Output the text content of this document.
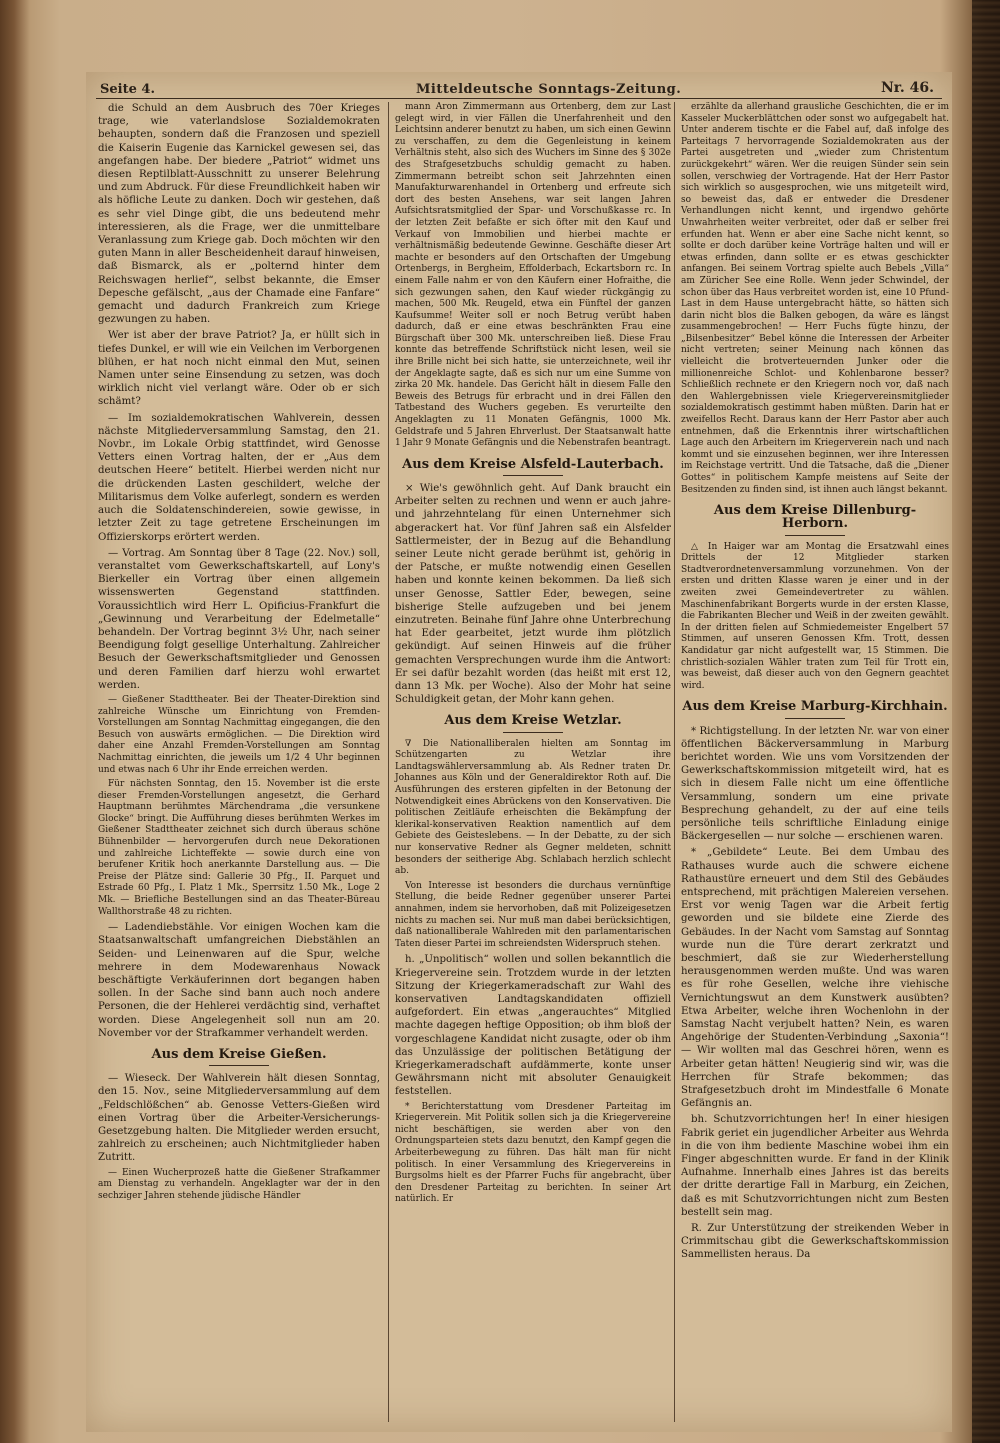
Seite 4.	Mitteldeutsche Sonntags-Zeitung.	Nr. 46.

die Schuld an dem Ausbruch des 70er Krieges trage, wie vaterlandslose Sozialdemokraten behaupten, sondern daß die Franzosen und speziell die Kaiserin Eugenie das Karnickel gewesen sei, das angefangen habe. Der biedere „Patriot“ widmet uns diesen Reptilblatt-Ausschnitt zu unserer Belehrung und zum Abdruck. Für diese Freundlichkeit haben wir als höfliche Leute zu danken. Doch wir gestehen, daß es sehr viel Dinge gibt, die uns bedeutend mehr interessieren, als die Frage, wer die unmittelbare Veranlassung zum Kriege gab. Doch möchten wir den guten Mann in aller Bescheidenheit darauf hinweisen, daß Bismarck, als er „polternd hinter dem Reichswagen herlief“, selbst bekannte, die Emser Depesche gefälscht, „aus der Chamade eine Fanfare“ gemacht und dadurch Frankreich zum Kriege gezwungen zu haben.

Wer ist aber der brave Patriot? Ja, er hüllt sich in tiefes Dunkel, er will wie ein Veilchen im Verborgenen blühen, er hat noch nicht einmal den Mut, seinen Namen unter seine Einsendung zu setzen, was doch wirklich nicht viel verlangt wäre. Oder ob er sich schämt?

— Im sozialdemokratischen Wahlverein, dessen nächste Mitgliederversammlung Samstag, den 21. Novbr., im Lokale Orbig stattfindet, wird Genosse Vetters einen Vortrag halten, der er „Aus dem deutschen Heere“ betitelt. Hierbei werden nicht nur die drückenden Lasten geschildert, welche der Militarismus dem Volke auferlegt, sondern es werden auch die Soldatenschindereien, sowie gewisse, in letzter Zeit zu tage getretene Erscheinungen im Offizierskorps erörtert werden.

— Vortrag. Am Sonntag über 8 Tage (22. Nov.) soll, veranstaltet vom Gewerkschaftskartell, auf Lony's Bierkeller ein Vortrag über einen allgemein wissenswerten Gegenstand stattfinden. Voraussichtlich wird Herr L. Opificius-Frankfurt die „Gewinnung und Verarbeitung der Edelmetalle“ behandeln. Der Vortrag beginnt 3½ Uhr, nach seiner Beendigung folgt gesellige Unterhaltung. Zahlreicher Besuch der Gewerkschaftsmitglieder und Genossen und deren Familien darf hierzu wohl erwartet werden.

— Gießener Stadttheater. Bei der Theater-Direktion sind zahlreiche Wünsche um Einrichtung von Fremden-Vorstellungen am Sonntag Nachmittag eingegangen, die den Besuch von auswärts ermöglichen. — Die Direktion wird daher eine Anzahl Fremden-Vorstellungen am Sonntag Nachmittag einrichten, die jeweils um 1/2 4 Uhr beginnen und etwas nach 6 Uhr ihr Ende erreichen werden.

Für nächsten Sonntag, den 15. November ist die erste dieser Fremden-Vorstellungen angesetzt, die Gerhard Hauptmann berühmtes Märchendrama „die versunkene Glocke“ bringt. Die Aufführung dieses berühmten Werkes im Gießener Stadttheater zeichnet sich durch überaus schöne Bühnenbilder — hervorgerufen durch neue Dekorationen und zahlreiche Lichteffekte — sowie durch eine von berufener Kritik hoch anerkannte Darstellung aus. — Die Preise der Plätze sind: Gallerie 30 Pfg., II. Parquet und Estrade 60 Pfg., I. Platz 1 Mk., Sperrsitz 1.50 Mk., Loge 2 Mk. — Briefliche Bestellungen sind an das Theater-Büreau Wallthorstraße 48 zu richten.

— Ladendiebstähle. Vor einigen Wochen kam die Staatsanwaltschaft umfangreichen Diebstählen an Seiden- und Leinenwaren auf die Spur, welche mehrere in dem Modewarenhaus Nowack beschäftigte Verkäuferinnen dort begangen haben sollen. In der Sache sind bann auch noch andere Personen, die der Hehlerei verdächtig sind, verhaftet worden. Diese Angelegenheit soll nun am 20. November vor der Strafkammer verhandelt werden.

Aus dem Kreise Gießen.

— Wieseck. Der Wahlverein hält diesen Sonntag, den 15. Nov., seine Mitgliederversammlung auf dem „Feldschlößchen“ ab. Genosse Vetters-Gießen wird einen Vortrag über die Arbeiter-Versicherungs-Gesetzgebung halten. Die Mitglieder werden ersucht, zahlreich zu erscheinen; auch Nichtmitglieder haben Zutritt.

— Einen Wucherprozeß hatte die Gießener Strafkammer am Dienstag zu verhandeln. Angeklagter war der in den sechziger Jahren stehende jüdische Händler

mann Aron Zimmermann aus Ortenberg, dem zur Last gelegt wird, in vier Fällen die Unerfahrenheit und den Leichtsinn anderer benutzt zu haben, um sich einen Gewinn zu verschaffen, zu dem die Gegenleistung in keinem Verhältnis steht, also sich des Wuchers im Sinne des § 302e des Strafgesetzbuchs schuldig gemacht zu haben. Zimmermann betreibt schon seit Jahrzehnten einen Manufakturwarenhandel in Ortenberg und erfreute sich dort des besten Ansehens, war seit langen Jahren Aufsichtsratsmitglied der Spar- und Vorschußkasse rc. In der letzten Zeit befaßte er sich öfter mit den Kauf und Verkauf von Immobilien und hierbei machte er verhältnismäßig bedeutende Gewinne. Geschäfte dieser Art machte er besonders auf den Ortschaften der Umgebung Ortenbergs, in Bergheim, Effolderbach, Eckartsborn rc. In einem Falle nahm er von den Käufern einer Hofraithe, die sich gezwungen sahen, den Kauf wieder rückgängig zu machen, 500 Mk. Reugeld, etwa ein Fünftel der ganzen Kaufsumme! Weiter soll er noch Betrug verübt haben dadurch, daß er eine etwas beschränkten Frau eine Bürgschaft über 300 Mk. unterschreiben ließ. Diese Frau konnte das betreffende Schriftstück nicht lesen, weil sie ihre Brille nicht bei sich hatte, sie unterzeichnete, weil ihr der Angeklagte sagte, daß es sich nur um eine Summe von zirka 20 Mk. handele. Das Gericht hält in diesem Falle den Beweis des Betrugs für erbracht und in drei Fällen den Tatbestand des Wuchers gegeben. Es verurteilte den Angeklagten zu 11 Monaten Gefängnis, 1000 Mk. Geldstrafe und 5 Jahren Ehrverlust. Der Staatsanwalt hatte 1 Jahr 9 Monate Gefängnis und die Nebenstrafen beantragt.

Aus dem Kreise Alsfeld-Lauterbach.

× Wie's gewöhnlich geht. Auf Dank braucht ein Arbeiter selten zu rechnen und wenn er auch jahre- und jahrzehntelang für einen Unternehmer sich abgerackert hat. Vor fünf Jahren saß ein Alsfelder Sattlermeister, der in Bezug auf die Behandlung seiner Leute nicht gerade berühmt ist, gehörig in der Patsche, er mußte notwendig einen Gesellen haben und konnte keinen bekommen. Da ließ sich unser Genosse, Sattler Eder, bewegen, seine bisherige Stelle aufzugeben und bei jenem einzutreten. Beinahe fünf Jahre ohne Unterbrechung hat Eder gearbeitet, jetzt wurde ihm plötzlich gekündigt. Auf seinen Hinweis auf die früher gemachten Versprechungen wurde ihm die Antwort: Er sei dafür bezahlt worden (das heißt mit erst 12, dann 13 Mk. per Woche). Also der Mohr hat seine Schuldigkeit getan, der Mohr kann gehen.

Aus dem Kreise Wetzlar.

∇ Die Nationalliberalen hielten am Sonntag im Schützengarten zu Wetzlar ihre Landtagswählerversammlung ab. Als Redner traten Dr. Johannes aus Köln und der Generaldirektor Roth auf. Die Ausführungen des ersteren gipfelten in der Betonung der Notwendigkeit eines Abrückens von den Konservativen. Die politischen Zeitläufe erheischten die Bekämpfung der klerikal-konservativen Reaktion namentlich auf dem Gebiete des Geisteslebens. — In der Debatte, zu der sich nur konservative Redner als Gegner meldeten, schnitt besonders der seitherige Abg. Schlabach herzlich schlecht ab.

Von Interesse ist besonders die durchaus vernünftige Stellung, die beide Redner gegenüber unserer Partei annahmen, indem sie hervorhoben, daß mit Polizeigesetzen nichts zu machen sei. Nur muß man dabei berücksichtigen, daß nationalliberale Wahlreden mit den parlamentarischen Taten dieser Partei im schreiendsten Widerspruch stehen.

h. „Unpolitisch“ wollen und sollen bekanntlich die Kriegervereine sein. Trotzdem wurde in der letzten Sitzung der Kriegerkameradschaft zur Wahl des konservativen Landtagskandidaten offiziell aufgefordert. Ein etwas „angerauchtes“ Mitglied machte dagegen heftige Opposition; ob ihm bloß der vorgeschlagene Kandidat nicht zusagte, oder ob ihm das Unzulässige der politischen Betätigung der Kriegerkameradschaft aufdämmerte, konte unser Gewährsmann nicht mit absoluter Genauigkeit feststellen.

* Berichterstattung vom Dresdener Parteitag im Kriegerverein. Mit Politik sollen sich ja die Kriegervereine nicht beschäftigen, sie werden aber von den Ordnungsparteien stets dazu benutzt, den Kampf gegen die Arbeiterbewegung zu führen. Das hält man für nicht politisch. In einer Versammlung des Kriegervereins in Burgsolms hielt es der Pfarrer Fuchs für angebracht, über den Dresdener Parteitag zu berichten. In seiner Art natürlich. Er

erzählte da allerhand grausliche Geschichten, die er im Kasseler Muckerblättchen oder sonst wo aufgegabelt hat. Unter anderem tischte er die Fabel auf, daß infolge des Parteitags 7 hervorragende Sozialdemokraten aus der Partei ausgetreten und „wieder zum Christentum zurückgekehrt“ wären. Wer die reuigen Sünder sein sein sollen, verschwieg der Vortragende. Hat der Herr Pastor sich wirklich so ausgesprochen, wie uns mitgeteilt wird, so beweist das, daß er entweder die Dresdener Verhandlungen nicht kennt, und irgendwo gehörte Unwahrheiten weiter verbreitet, oder daß er selber frei erfunden hat. Wenn er aber eine Sache nicht kennt, so sollte er doch darüber keine Vorträge halten und will er etwas erfinden, dann sollte er es etwas geschickter anfangen. Bei seinem Vortrag spielte auch Bebels „Villa“ am Züricher See eine Rolle. Wenn jeder Schwindel, der schon über das Haus verbreitet worden ist, eine 10 Pfund-Last in dem Hause untergebracht hätte, so hätten sich darin nicht blos die Balken gebogen, da wäre es längst zusammengebrochen! — Herr Fuchs fügte hinzu, der „Bilsenbesitzer“ Bebel könne die Interessen der Arbeiter nicht vertreten; seiner Meinung nach können das vielleicht die brotverteuernden Junker oder die millionenreiche Schlot- und Kohlenbarone besser? Schließlich rechnete er den Kriegern noch vor, daß nach den Wahlergebnissen viele Kriegervereinsmitglieder sozialdemokratisch gestimmt haben müßten. Darin hat er zweifellos Recht. Daraus kann der Herr Pastor aber auch entnehmen, daß die Erkenntnis ihrer wirtschaftlichen Lage auch den Arbeitern im Kriegerverein nach und nach kommt und sie einzusehen beginnen, wer ihre Interessen im Reichstage vertritt. Und die Tatsache, daß die „Diener Gottes“ in politischem Kampfe meistens auf Seite der Besitzenden zu finden sind, ist ihnen auch längst bekannt.

Aus dem Kreise Dillenburg-Herborn.

△ In Haiger war am Montag die Ersatzwahl eines Drittels der 12 Mitglieder starken Stadtverordnetenversammlung vorzunehmen. Von der ersten und dritten Klasse waren je einer und in der zweiten zwei Gemeindevertreter zu wählen. Maschinenfabrikant Borgerts wurde in der ersten Klasse, die Fabrikanten Blecher und Weiß in der zweiten gewählt. In der dritten fielen auf Schmiedemeister Engelbert 57 Stimmen, auf unseren Genossen Kfm. Trott, dessen Kandidatur gar nicht aufgestellt war, 15 Stimmen. Die christlich-sozialen Wähler traten zum Teil für Trott ein, was beweist, daß dieser auch von den Gegnern geachtet wird.

Aus dem Kreise Marburg-Kirchhain.

* Richtigstellung. In der letzten Nr. war von einer öffentlichen Bäckerversammlung in Marburg berichtet worden. Wie uns vom Vorsitzenden der Gewerkschaftskommission mitgeteilt wird, hat es sich in diesem Falle nicht um eine öffentliche Versammlung, sondern um eine private Besprechung gehandelt, zu der auf eine teils persönliche teils schriftliche Einladung einige Bäckergesellen — nur solche — erschienen waren.

* „Gebildete“ Leute. Bei dem Umbau des Rathauses wurde auch die schwere eichene Rathaustüre erneuert und dem Stil des Gebäudes entsprechend, mit prächtigen Malereien versehen. Erst vor wenig Tagen war die Arbeit fertig geworden und sie bildete eine Zierde des Gebäudes. In der Nacht vom Samstag auf Sonntag wurde nun die Türe derart zerkratzt und beschmiert, daß sie zur Wiederherstellung herausgenommen werden mußte. Und was waren es für rohe Gesellen, welche ihre viehische Vernichtungswut an dem Kunstwerk ausübten? Etwa Arbeiter, welche ihren Wochenlohn in der Samstag Nacht verjubelt hatten? Nein, es waren Angehörige der Studenten-Verbindung „Saxonia“! — Wir wollten mal das Geschrei hören, wenn es Arbeiter getan hätten! Neugierig sind wir, was die Herrchen für Strafe bekommen; das Strafgesetzbuch droht im Mindestfalle 6 Monate Gefängnis an.

bh. Schutzvorrichtungen her! In einer hiesigen Fabrik geriet ein jugendlicher Arbeiter aus Wehrda in die von ihm bediente Maschine wobei ihm ein Finger abgeschnitten wurde. Er fand in der Klinik Aufnahme. Innerhalb eines Jahres ist das bereits der dritte derartige Fall in Marburg, ein Zeichen, daß es mit Schutzvorrichtungen nicht zum Besten bestellt sein mag.

R. Zur Unterstützung der streikenden Weber in Crimmitschau gibt die Gewerkschaftskommission Sammellisten heraus. Da
